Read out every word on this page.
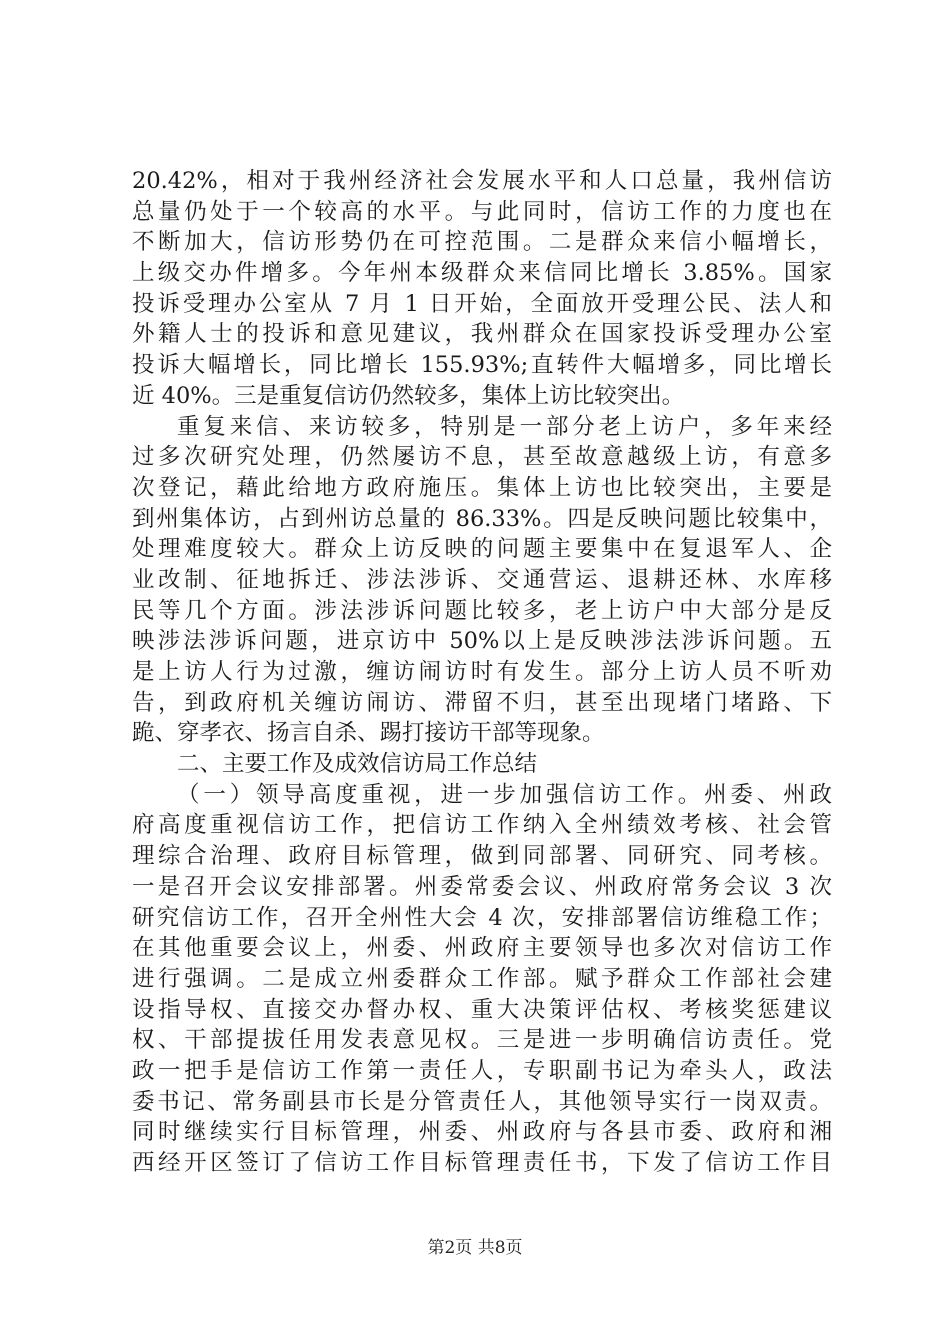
20.42%，相对于我州经济社会发展水平和人口总量，我州信访
总量仍处于一个较高的水平。与此同时，信访工作的力度也在
不断加大，信访形势仍在可控范围。二是群众来信小幅增长，
上级交办件增多。今年州本级群众来信同比增长 3.85%。国家
投诉受理办公室从 7 月 1 日开始，全面放开受理公民、法人和
外籍人士的投诉和意见建议，我州群众在国家投诉受理办公室
投诉大幅增长，同比增长 155.93%;直转件大幅增多，同比增长
近 40%。三是重复信访仍然较多，集体上访比较突出。
重复来信、来访较多，特别是一部分老上访户，多年来经
过多次研究处理，仍然屡访不息，甚至故意越级上访，有意多
次登记，藉此给地方政府施压。集体上访也比较突出，主要是
到州集体访，占到州访总量的 86.33%。四是反映问题比较集中，
处理难度较大。群众上访反映的问题主要集中在复退军人、企
业改制、征地拆迁、涉法涉诉、交通营运、退耕还林、水库移
民等几个方面。涉法涉诉问题比较多，老上访户中大部分是反
映涉法涉诉问题，进京访中 50%以上是反映涉法涉诉问题。五
是上访人行为过激，缠访闹访时有发生。部分上访人员不听劝
告，到政府机关缠访闹访、滞留不归，甚至出现堵门堵路、下
跪、穿孝衣、扬言自杀、踢打接访干部等现象。
二、主要工作及成效信访局工作总结
（一）领导高度重视，进一步加强信访工作。州委、州政
府高度重视信访工作，把信访工作纳入全州绩效考核、社会管
理综合治理、政府目标管理，做到同部署、同研究、同考核。
一是召开会议安排部署。州委常委会议、州政府常务会议 3 次
研究信访工作，召开全州性大会 4 次，安排部署信访维稳工作；
在其他重要会议上，州委、州政府主要领导也多次对信访工作
进行强调。二是成立州委群众工作部。赋予群众工作部社会建
设指导权、直接交办督办权、重大决策评估权、考核奖惩建议
权、干部提拔任用发表意见权。三是进一步明确信访责任。党
政一把手是信访工作第一责任人，专职副书记为牵头人，政法
委书记、常务副县市长是分管责任人，其他领导实行一岗双责。
同时继续实行目标管理，州委、州政府与各县市委、政府和湘
西经开区签订了信访工作目标管理责任书，下发了信访工作目
第2页 共8页
